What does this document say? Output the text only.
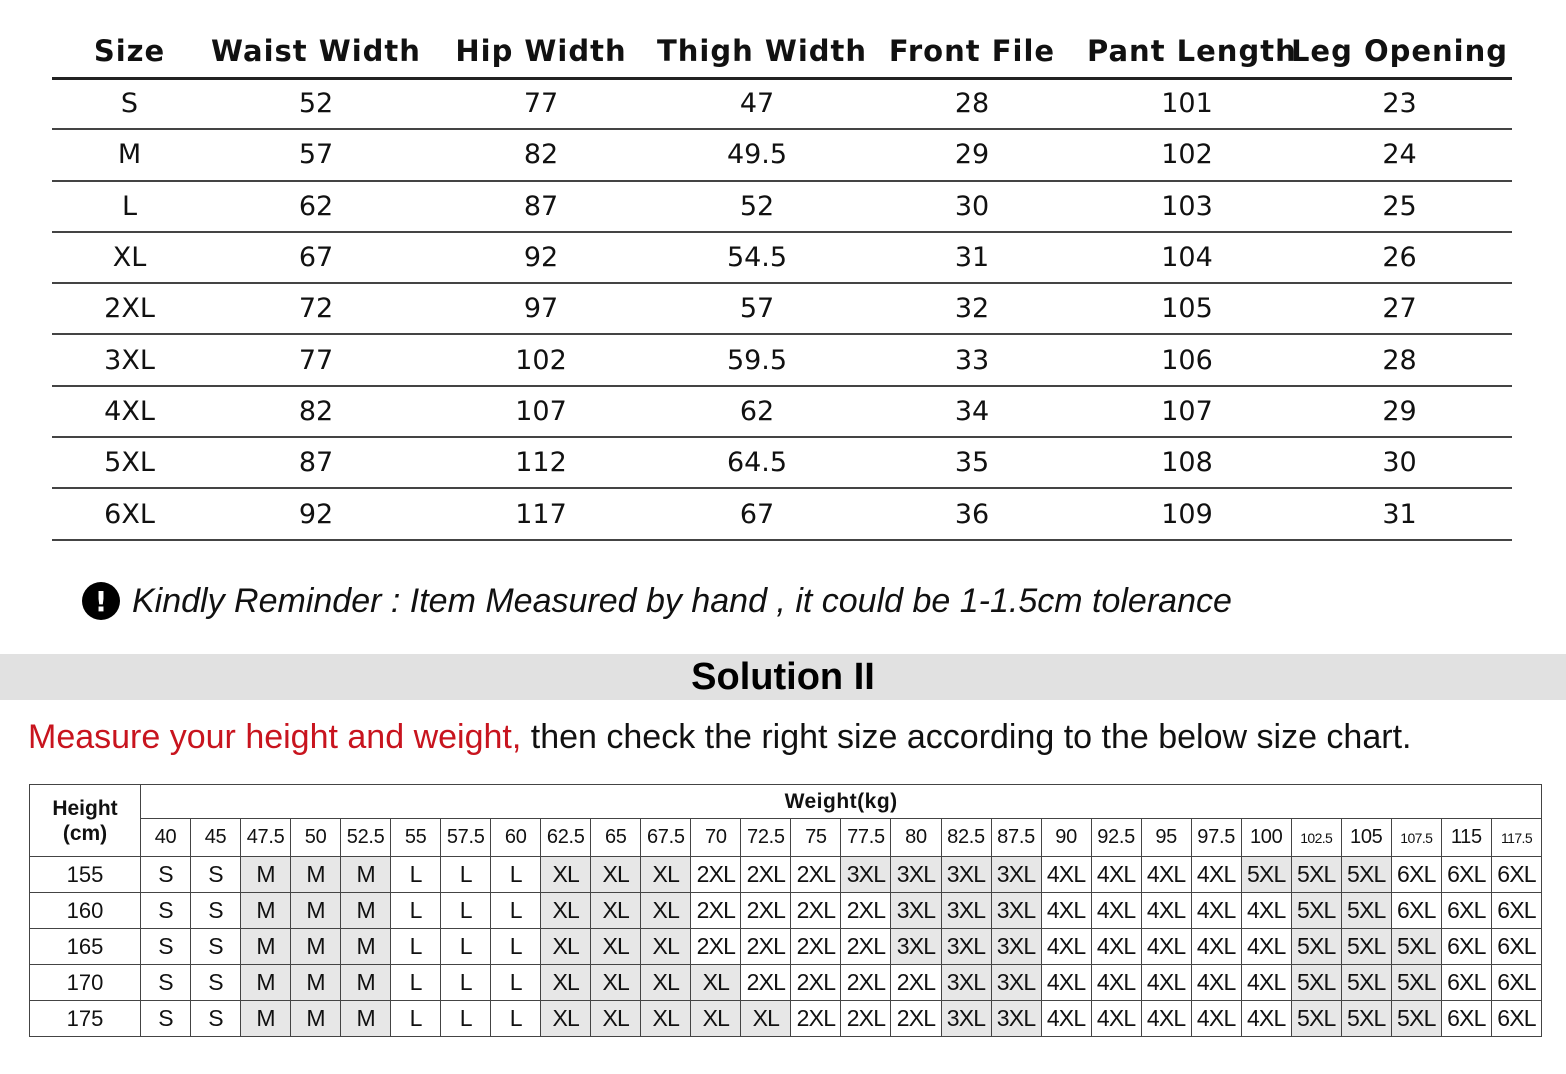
Size	Waist Width	Hip Width	Thigh Width	Front File	Pant Length	Leg Opening
S	52	77	47	28	101	23
M	57	82	49.5	29	102	24
L	62	87	52	30	103	25
XL	67	92	54.5	31	104	26
2XL	72	97	57	32	105	27
3XL	77	102	59.5	33	106	28
4XL	82	107	62	34	107	29
5XL	87	112	64.5	35	108	30
6XL	92	117	67	36	109	31
! Kindly Reminder : Item Measured by hand , it could be 1-1.5cm tolerance
Solution II
Measure your height and weight, then check the right size according to the below size chart.
Height
(cm)	Weight(kg)																											
	40	45	47.5	50	52.5	55	57.5	60	62.5	65	67.5	70	72.5	75	77.5	80	82.5	87.5	90	92.5	95	97.5	100	102.5	105	107.5	115	117.5
155	S	S	M	M	M	L	L	L	XL	XL	XL	2XL	2XL	2XL	3XL	3XL	3XL	3XL	4XL	4XL	4XL	4XL	5XL	5XL	5XL	6XL	6XL	6XL
160	S	S	M	M	M	L	L	L	XL	XL	XL	2XL	2XL	2XL	2XL	3XL	3XL	3XL	4XL	4XL	4XL	4XL	4XL	5XL	5XL	6XL	6XL	6XL
165	S	S	M	M	M	L	L	L	XL	XL	XL	2XL	2XL	2XL	2XL	3XL	3XL	3XL	4XL	4XL	4XL	4XL	4XL	5XL	5XL	5XL	6XL	6XL
170	S	S	M	M	M	L	L	L	XL	XL	XL	XL	2XL	2XL	2XL	2XL	3XL	3XL	4XL	4XL	4XL	4XL	4XL	5XL	5XL	5XL	6XL	6XL
175	S	S	M	M	M	L	L	L	XL	XL	XL	XL	XL	2XL	2XL	2XL	3XL	3XL	4XL	4XL	4XL	4XL	4XL	5XL	5XL	5XL	6XL	6XL
